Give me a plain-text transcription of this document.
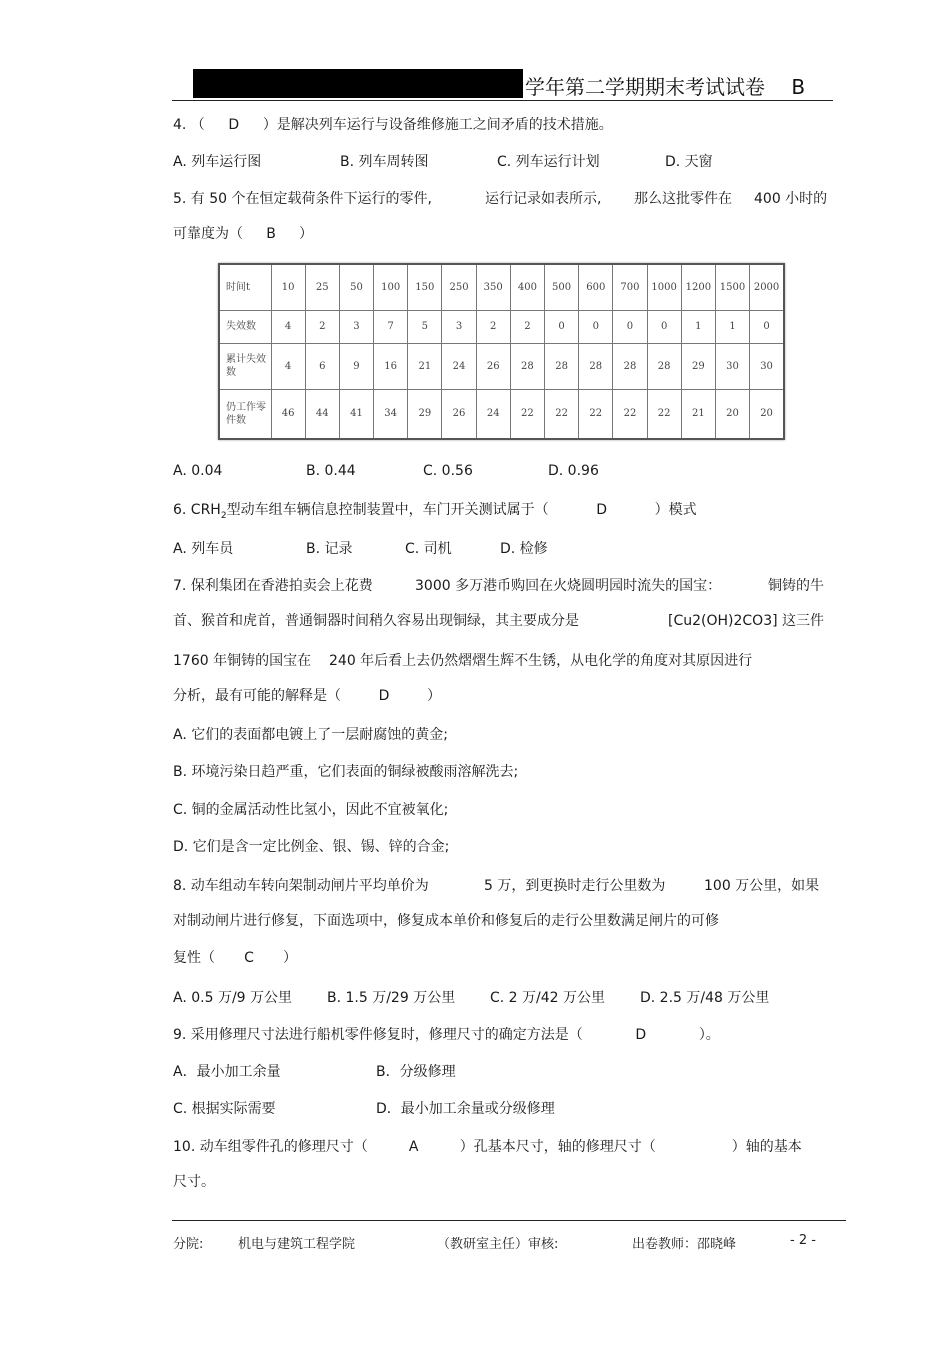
学年第二学期期末考试试卷　 B
4. （ D ）是解决列车运行与设备维修施工之间矛盾的技术措施。
A. 列车运行图	B. 列车周转图	C. 列车运行计划	D. 天窗
5. 有 50 个在恒定载荷条件下运行的零件,	运行记录如表所示, 那么这批零件在 400 小时的
可靠度为（ B ）
时间t	10	25	50	100	150	250	350	400	500	600	700	1000	1200	1500	2000
失效数	4	2	3	7	5	3	2	2	0	0	0	0	1	1	0
累计失效数	4	6	9	16	21	24	26	28	28	28	28	28	29	30	30
仍工作零件数	46	44	41	34	29	26	24	22	22	22	22	22	21	20	20
A. 0.04	B. 0.44	C. 0.56	D. 0.96
6. $CRH_2$型动车组车辆信息控制装置中，车门开关测试属于（	D	）模式
A. 列车员	B. 记录	C. 司机	D. 检修
7. 保利集团在香港拍卖会上花费	3000 多万港币购回在火烧圆明园时流失的国宝：	铜铸的牛
首、猴首和虎首，普通铜器时间稍久容易出现铜绿，其主要成分是	[Cu2(OH)2CO3] 这三件
1760 年铜铸的国宝在 240 年后看上去仍然熠熠生辉不生锈，从电化学的角度对其原因进行
分析，最有可能的解释是（	D	）
A. 它们的表面都电镀上了一层耐腐蚀的黄金;
B. 环境污染日趋严重，它们表面的铜绿被酸雨溶解洗去;
C. 铜的金属活动性比氢小，因此不宜被氧化;
D. 它们是含一定比例金、银、锡、锌的合金;
8. 动车组动车转向架制动闸片平均单价为	5 万，到更换时走行公里数为	100 万公里，如果
对制动闸片进行修复，下面选项中，修复成本单价和修复后的走行公里数满足闸片的可修
复性（ C ）
A. 0.5 万/9 万公里 B. 1.5 万/29 万公里 C. 2 万/42 万公里 D. 2.5 万/48 万公里
9. 采用修理尺寸法进行船机零件修复时，修理尺寸的确定方法是（	D	）。
A．最小加工余量	B．分级修理
C. 根据实际需要	D．最小加工余量或分级修理
10. 动车组零件孔的修理尺寸（	A	）孔基本尺寸，轴的修理尺寸（	）轴的基本
尺寸。
分院:	机电与建筑工程学院	（教研室主任）审核:	出卷教师：邵晓峰	- 2 -
